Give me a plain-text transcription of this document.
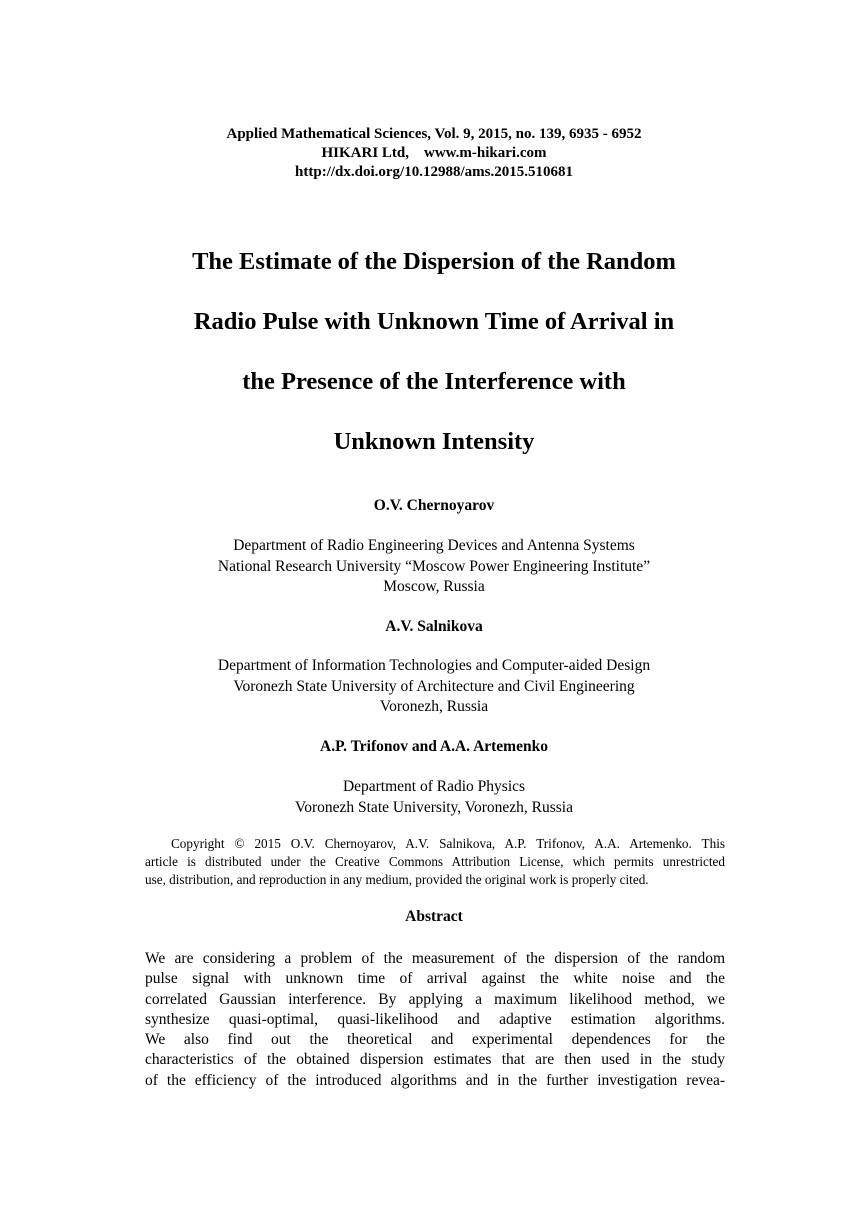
Applied Mathematical Sciences, Vol. 9, 2015, no. 139, 6935 - 6952
HIKARI Ltd,    www.m-hikari.com
http://dx.doi.org/10.12988/ams.2015.510681
The Estimate of the Dispersion of the Random
Radio Pulse with Unknown Time of Arrival in
the Presence of the Interference with
Unknown Intensity
O.V. Chernoyarov
Department of Radio Engineering Devices and Antenna Systems
National Research University “Moscow Power Engineering Institute”
Moscow, Russia
A.V. Salnikova
Department of Information Technologies and Computer-aided Design
Voronezh State University of Architecture and Civil Engineering
Voronezh, Russia
A.P. Trifonov and A.A. Artemenko
Department of Radio Physics
Voronezh State University, Voronezh, Russia
Copyright © 2015 O.V. Chernoyarov, A.V. Salnikova, A.P. Trifonov, A.A. Artemenko. This
article is distributed under the Creative Commons Attribution License, which permits unrestricted
use, distribution, and reproduction in any medium, provided the original work is properly cited.
Abstract
We are considering a problem of the measurement of the dispersion of the random
pulse signal with unknown time of arrival against the white noise and the
correlated Gaussian interference. By applying a maximum likelihood method, we
synthesize quasi-optimal, quasi-likelihood and adaptive estimation algorithms.
We also find out the theoretical and experimental dependences for the
characteristics of the obtained dispersion estimates that are then used in the study
of the efficiency of the introduced algorithms and in the further investigation revea-
